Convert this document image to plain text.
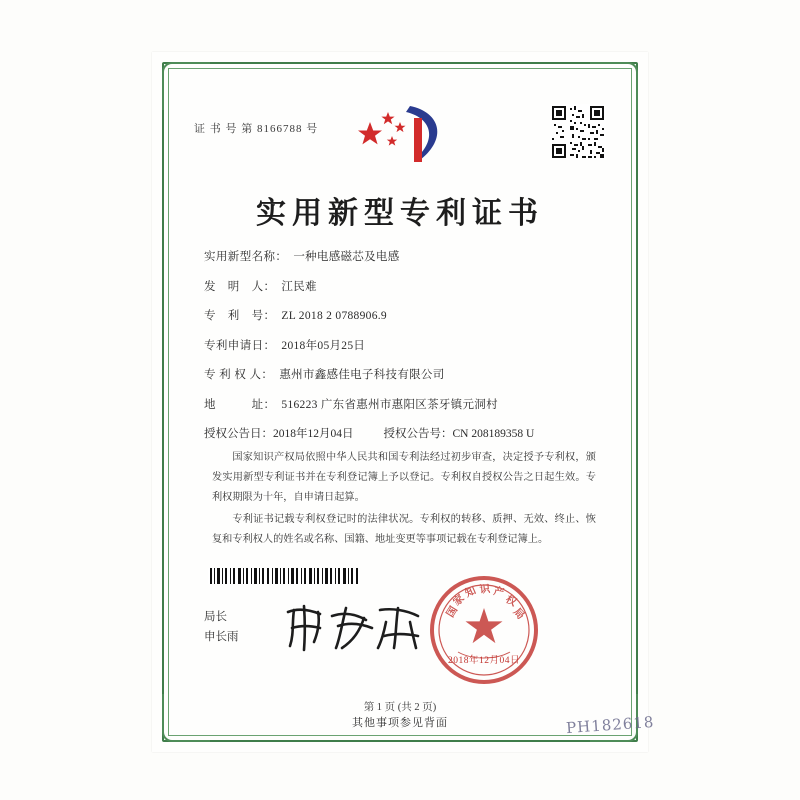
证 书 号 第 8166788 号
实用新型专利证书
实用新型名称： 一种电感磁芯及电感
发　明　人： 江民难
专　利　号： ZL 2018 2 0788906.9
专利申请日： 2018年05月25日
专 利 权 人： 惠州市鑫感佳电子科技有限公司
地　　　址： 516223 广东省惠州市惠阳区茶牙镇元洞村
授权公告日： 2018年12月04日	授权公告号： CN 208189358 U

国家知识产权局依照中华人民共和国专利法经过初步审查，决定授予专利权，颁发实用新型专利证书并在专利登记簿上予以登记。专利权自授权公告之日起生效。专利权期限为十年，自申请日起算。

专利证书记载专利权登记时的法律状况。专利权的转移、质押、无效、终止、恢复和专利权人的姓名或名称、国籍、地址变更等事项记载在专利登记簿上。

局长
申长雨
国
家
知 识 产
权
局
2018年12月04日
第 1 页 (共 2 页)
其他事项参见背面	PH182618
